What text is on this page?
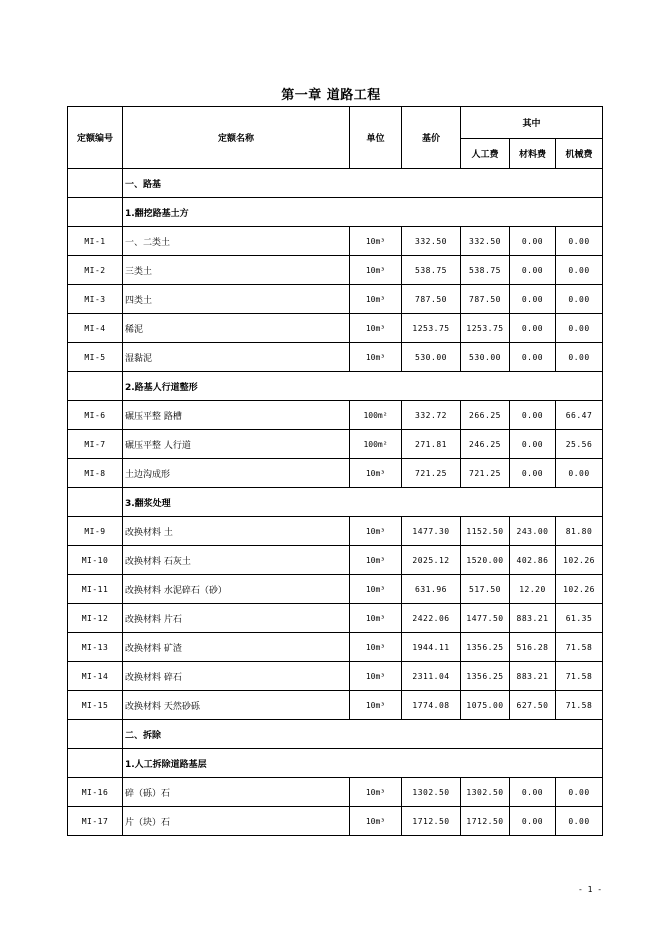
第一章 道路工程
定额编号	定额名称	单位	基价	其中		
				人工费	材料费	机械费
	一、路基					
	1.翻挖路基土方					
MI-1	一、二类土	10m³	332.50	332.50	0.00	0.00
MI-2	三类土	10m³	538.75	538.75	0.00	0.00
MI-3	四类土	10m³	787.50	787.50	0.00	0.00
MI-4	稀泥	10m³	1253.75	1253.75	0.00	0.00
MI-5	湿黏泥	10m³	530.00	530.00	0.00	0.00
	2.路基人行道整形					
MI-6	碾压平整 路槽	100m²	332.72	266.25	0.00	66.47
MI-7	碾压平整 人行道	100m²	271.81	246.25	0.00	25.56
MI-8	土边沟成形	10m³	721.25	721.25	0.00	0.00
	3.翻浆处理					
MI-9	改换材料 土	10m³	1477.30	1152.50	243.00	81.80
MI-10	改换材料 石灰土	10m³	2025.12	1520.00	402.86	102.26
MI-11	改换材料 水泥碎石（砂）	10m³	631.96	517.50	12.20	102.26
MI-12	改换材料 片石	10m³	2422.06	1477.50	883.21	61.35
MI-13	改换材料 矿渣	10m³	1944.11	1356.25	516.28	71.58
MI-14	改换材料 碎石	10m³	2311.04	1356.25	883.21	71.58
MI-15	改换材料 天然砂砾	10m³	1774.08	1075.00	627.50	71.58
	二、拆除					
	1.人工拆除道路基层					
MI-16	碎（砾）石	10m³	1302.50	1302.50	0.00	0.00
MI-17	片（块）石	10m³	1712.50	1712.50	0.00	0.00
- 1 -
